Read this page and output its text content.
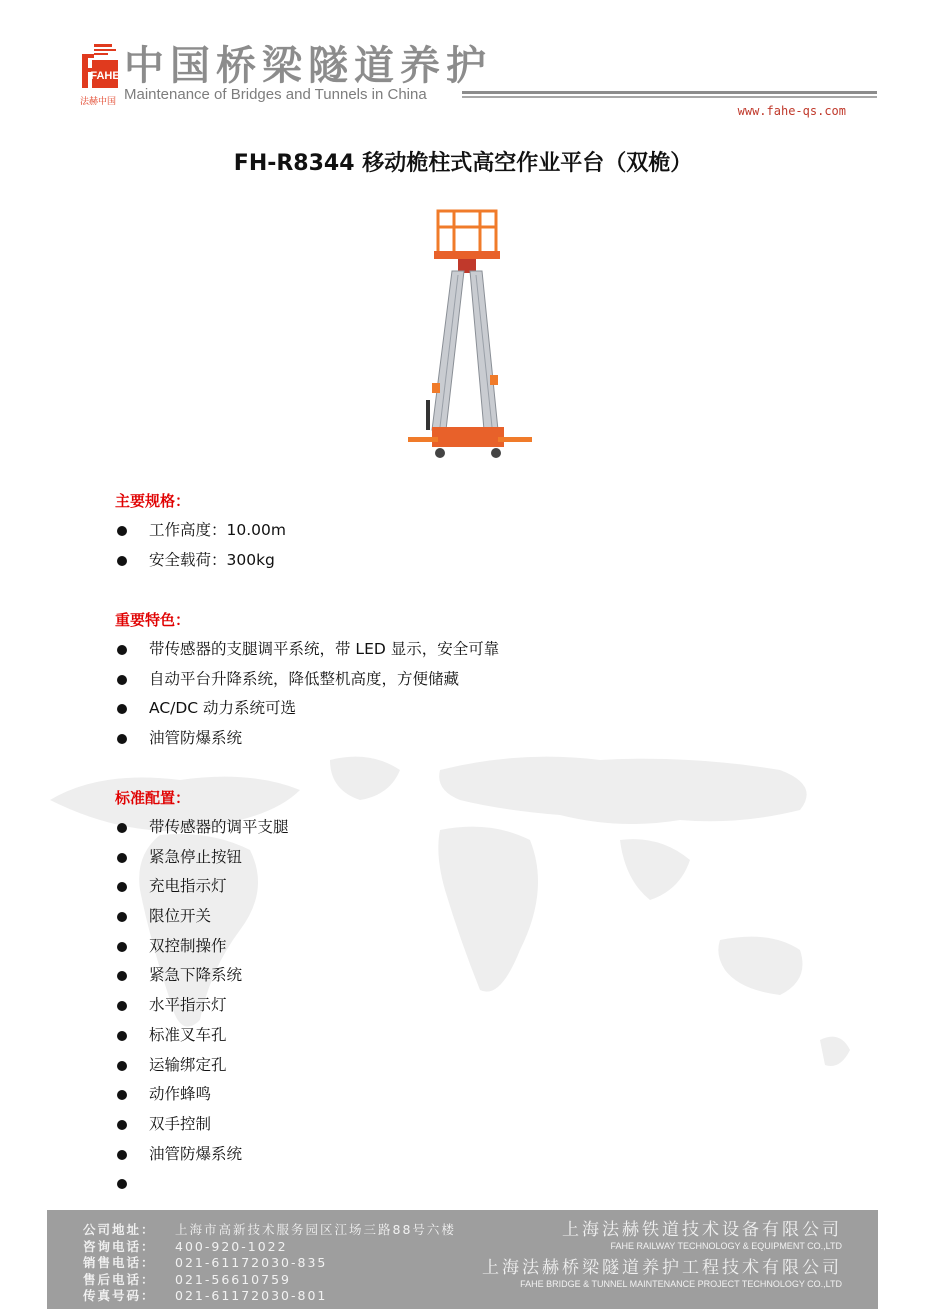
FAHE
法赫中国
中国桥梁隧道养护
Maintenance of Bridges and Tunnels in China
www.fahe-qs.com
FH-R8344 移动桅柱式高空作业平台（双桅）
主要规格：
工作高度：10.00m
安全载荷：300kg
重要特色：
带传感器的支腿调平系统，带 LED 显示，安全可靠
自动平台升降系统，降低整机高度，方便储藏
AC/DC 动力系统可选
油管防爆系统
标准配置：
带传感器的调平支腿
紧急停止按钮
充电指示灯
限位开关
双控制操作
紧急下降系统
水平指示灯
标准叉车孔
运输绑定孔
动作蜂鸣
双手控制
油管防爆系统
公司地址： 上海市高新技术服务园区江场三路88号六楼
咨询电话： 400-920-1022
销售电话： 021-61172030-835
售后电话： 021-56610759
传真号码： 021-61172030-801
上海法赫铁道技术设备有限公司
FAHE RAILWAY TECHNOLOGY & EQUIPMENT CO.,LTD
上海法赫桥梁隧道养护工程技术有限公司
FAHE BRIDGE & TUNNEL MAINTENANCE PROJECT TECHNOLOGY CO.,LTD
